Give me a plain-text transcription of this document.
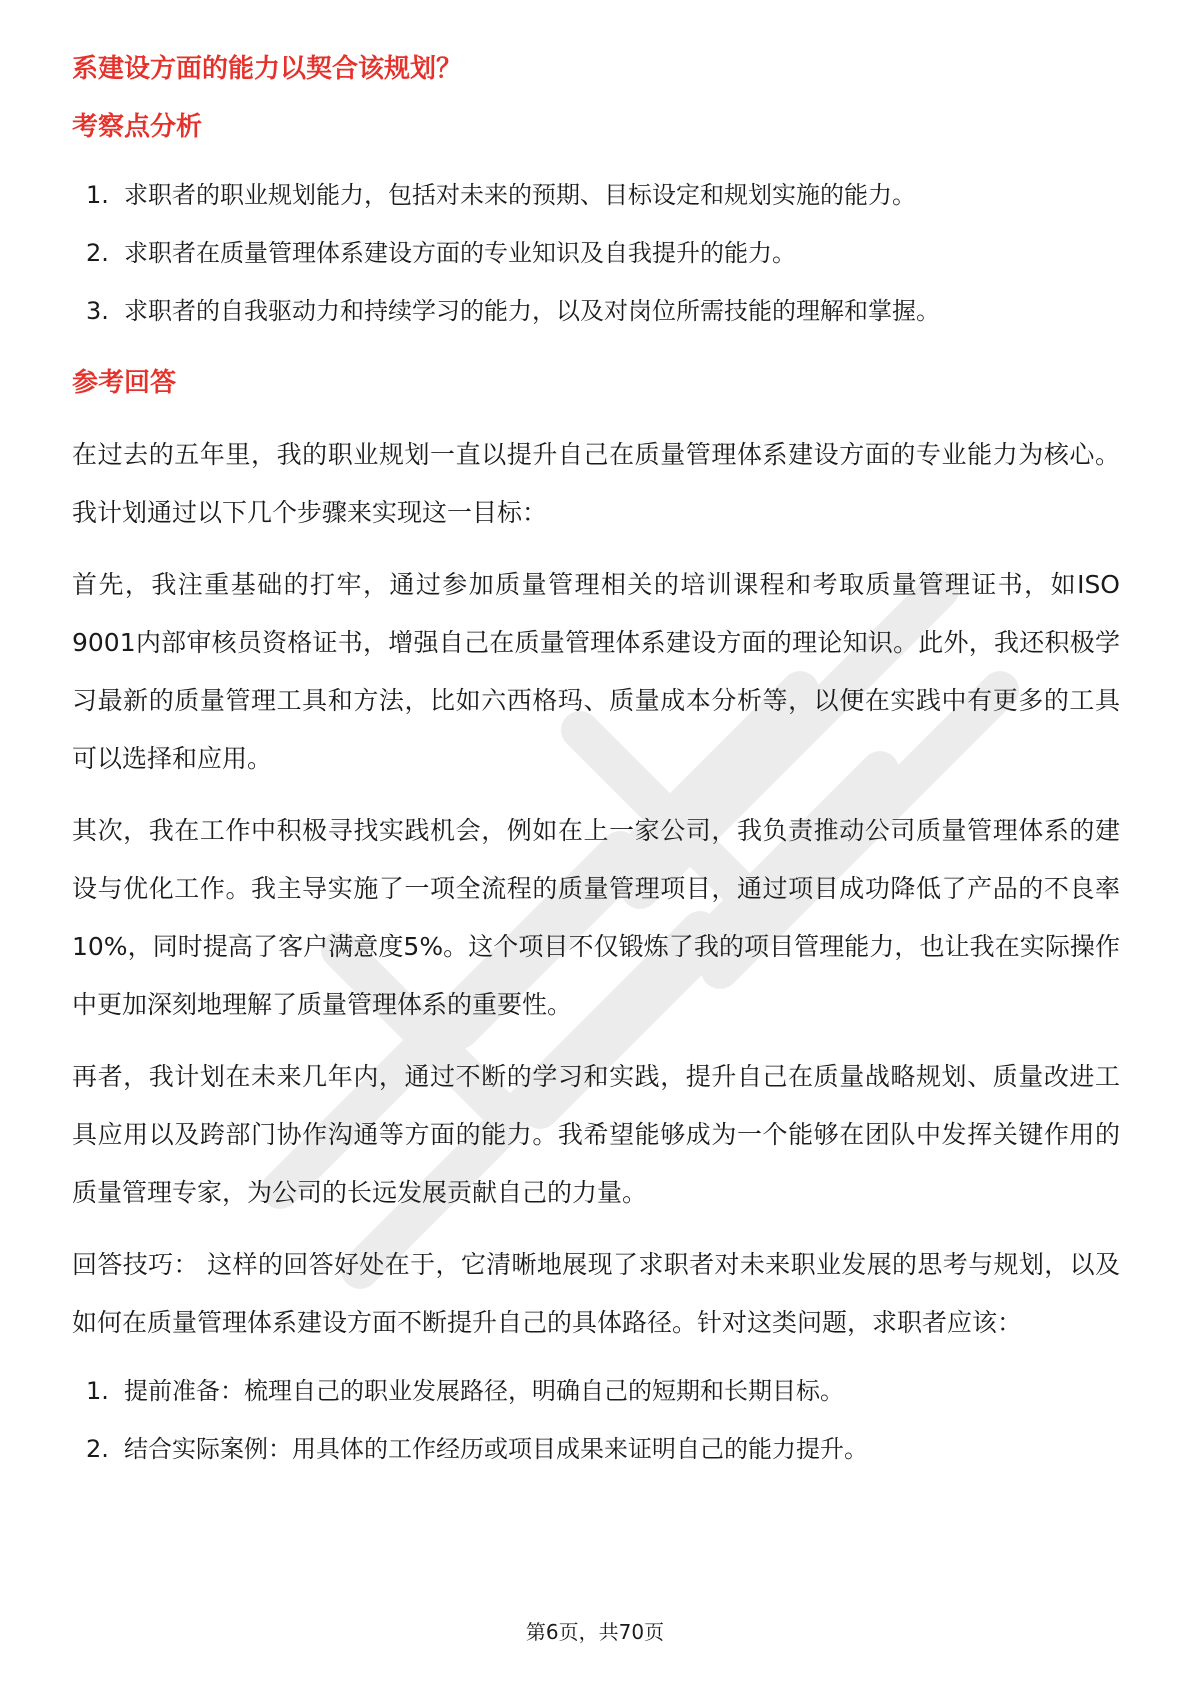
系建设方面的能力以契合该规划？

考察点分析

1. 求职者的职业规划能力，包括对未来的预期、目标设定和规划实施的能力。
2. 求职者在质量管理体系建设方面的专业知识及自我提升的能力。
3. 求职者的自我驱动力和持续学习的能力，以及对岗位所需技能的理解和掌握。

参考回答

在过去的五年里，我的职业规划一直以提升自己在质量管理体系建设方面的专业能力为核心。我计划通过以下几个步骤来实现这一目标：

首先，我注重基础的打牢，通过参加质量管理相关的培训课程和考取质量管理证书，如ISO 9001内部审核员资格证书，增强自己在质量管理体系建设方面的理论知识。此外，我还积极学习最新的质量管理工具和方法，比如六西格玛、质量成本分析等，以便在实践中有更多的工具可以选择和应用。

其次，我在工作中积极寻找实践机会，例如在上一家公司，我负责推动公司质量管理体系的建设与优化工作。我主导实施了一项全流程的质量管理项目，通过项目成功降低了产品的不良率10%，同时提高了客户满意度5%。这个项目不仅锻炼了我的项目管理能力，也让我在实际操作中更加深刻地理解了质量管理体系的重要性。

再者，我计划在未来几年内，通过不断的学习和实践，提升自己在质量战略规划、质量改进工具应用以及跨部门协作沟通等方面的能力。我希望能够成为一个能够在团队中发挥关键作用的质量管理专家，为公司的长远发展贡献自己的力量。

回答技巧： 这样的回答好处在于，它清晰地展现了求职者对未来职业发展的思考与规划，以及如何在质量管理体系建设方面不断提升自己的具体路径。针对这类问题，求职者应该：

1. 提前准备：梳理自己的职业发展路径，明确自己的短期和长期目标。
2. 结合实际案例：用具体的工作经历或项目成果来证明自己的能力提升。
第6页，共70页
